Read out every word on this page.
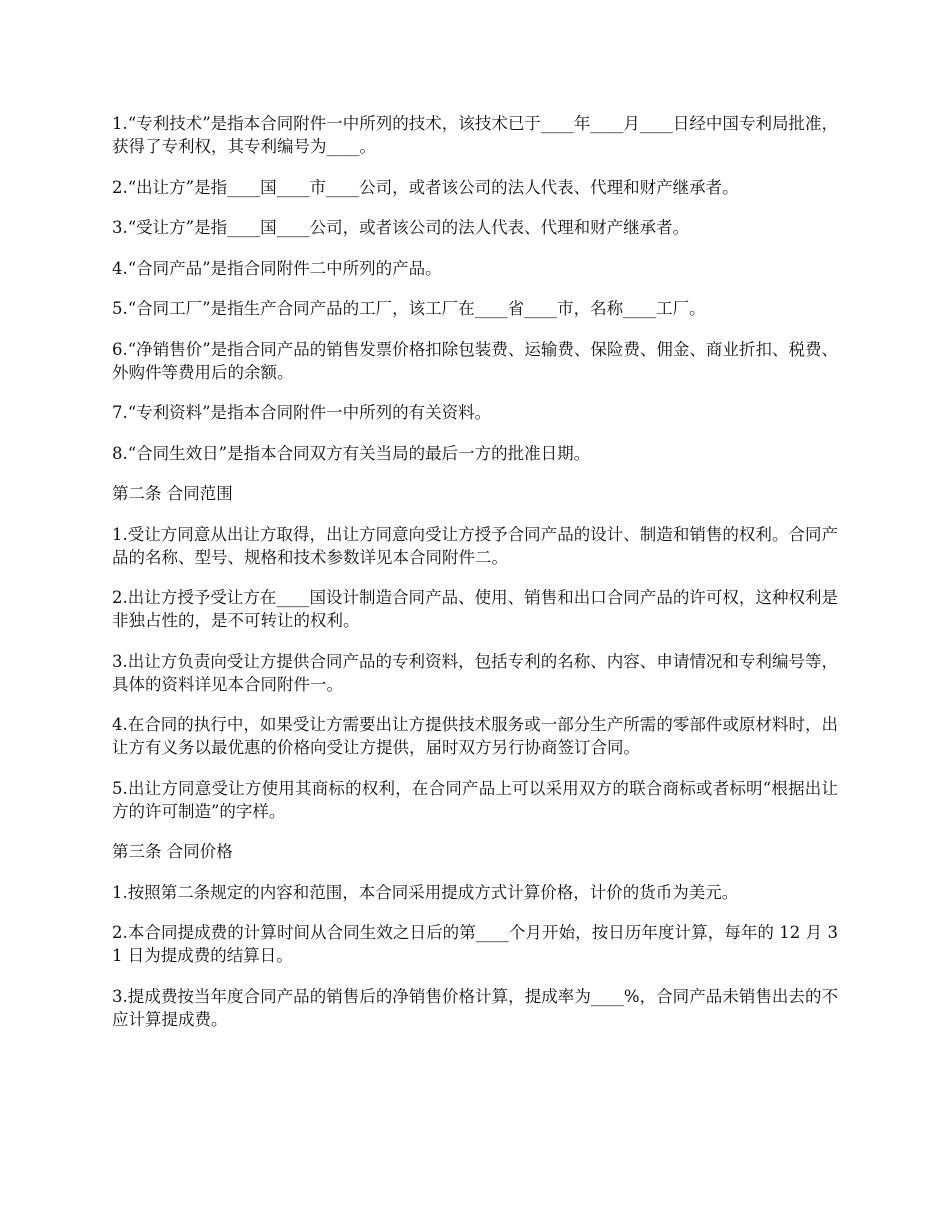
1.“专利技术”是指本合同附件一中所列的技术，该技术已于____年____月____日经中国专利局批准，获得了专利权，其专利编号为____。

2.“出让方”是指____国____市____公司，或者该公司的法人代表、代理和财产继承者。

3.“受让方”是指____国____公司，或者该公司的法人代表、代理和财产继承者。

4.“合同产品”是指合同附件二中所列的产品。

5.“合同工厂”是指生产合同产品的工厂，该工厂在____省____市，名称____工厂。

6.“净销售价”是指合同产品的销售发票价格扣除包装费、运输费、保险费、佣金、商业折扣、税费、外购件等费用后的余额。

7.“专利资料”是指本合同附件一中所列的有关资料。

8.“合同生效日”是指本合同双方有关当局的最后一方的批准日期。

第二条 合同范围

1.受让方同意从出让方取得，出让方同意向受让方授予合同产品的设计、制造和销售的权利。合同产品的名称、型号、规格和技术参数详见本合同附件二。

2.出让方授予受让方在____国设计制造合同产品、使用、销售和出口合同产品的许可权，这种权利是非独占性的，是不可转让的权利。

3.出让方负责向受让方提供合同产品的专利资料，包括专利的名称、内容、申请情况和专利编号等，具体的资料详见本合同附件一。

4.在合同的执行中，如果受让方需要出让方提供技术服务或一部分生产所需的零部件或原材料时，出让方有义务以最优惠的价格向受让方提供，届时双方另行协商签订合同。

5.出让方同意受让方使用其商标的权利，在合同产品上可以采用双方的联合商标或者标明“根据出让方的许可制造”的字样。

第三条 合同价格

1.按照第二条规定的内容和范围，本合同采用提成方式计算价格，计价的货币为美元。

2.本合同提成费的计算时间从合同生效之日后的第____个月开始，按日历年度计算，每年的 12 月 31 日为提成费的结算日。

3.提成费按当年度合同产品的销售后的净销售价格计算，提成率为____%，合同产品未销售出去的不应计算提成费。
